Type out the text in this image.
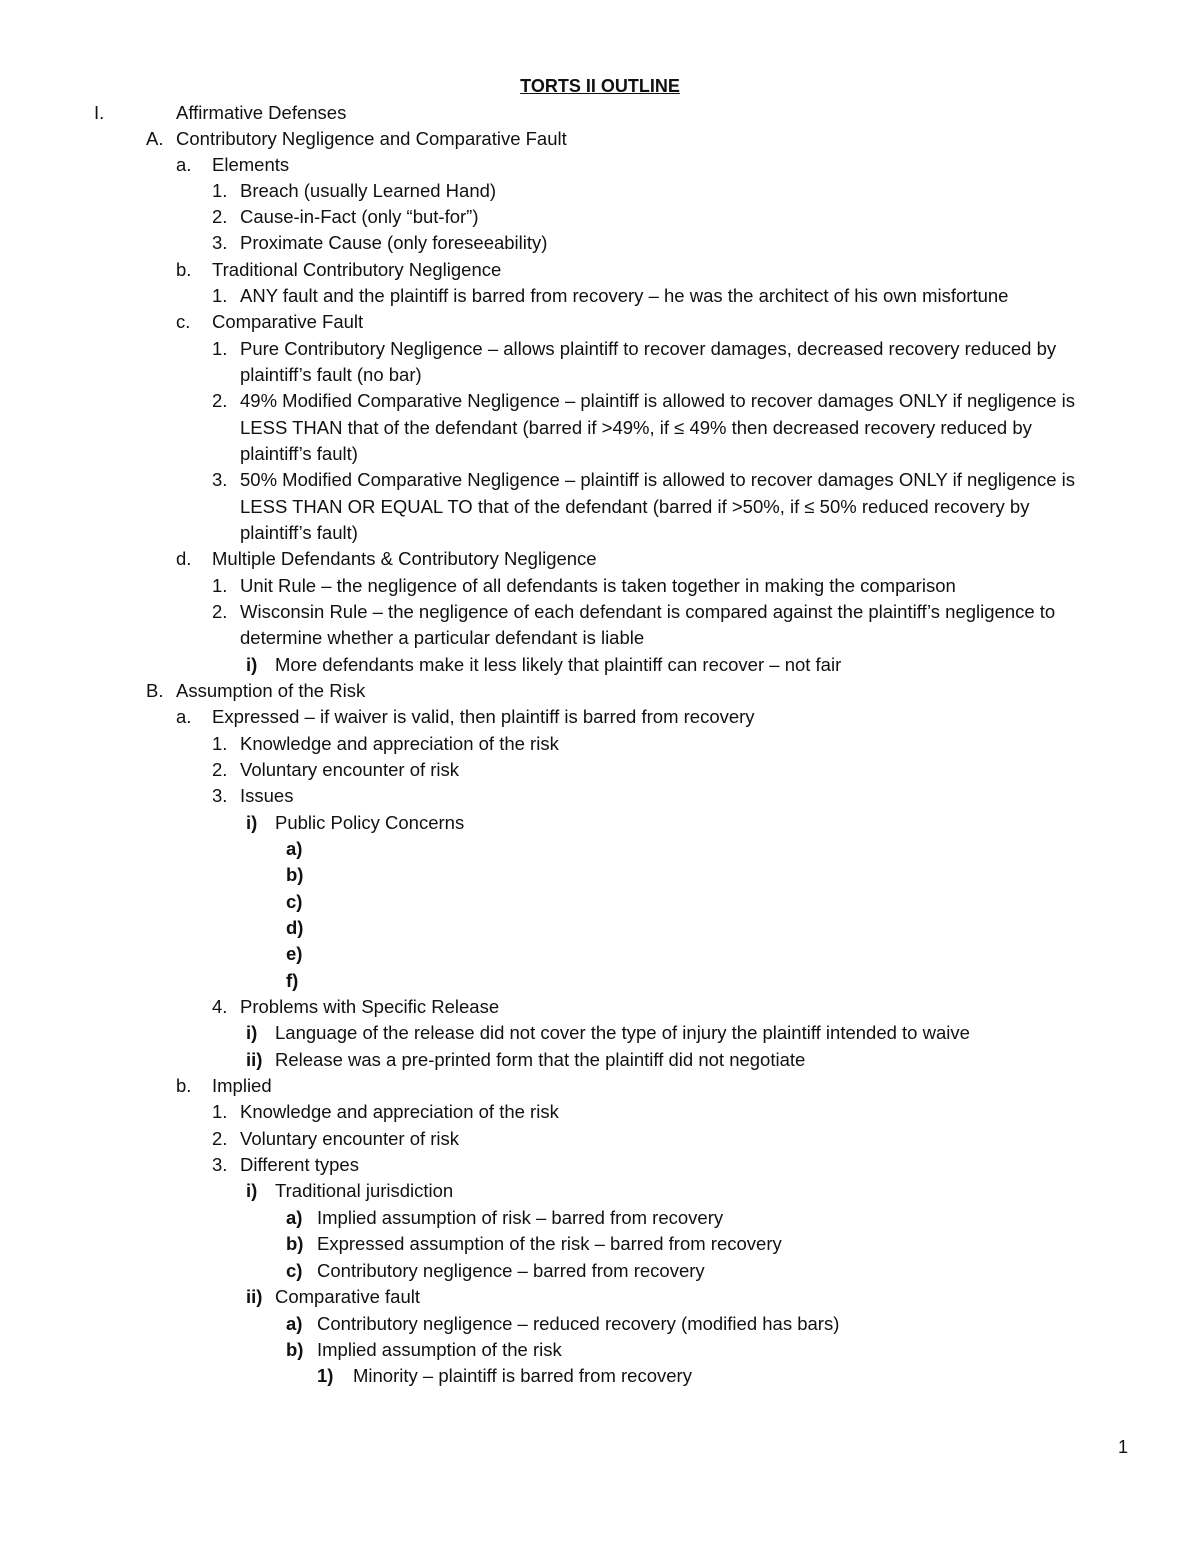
TORTS II OUTLINE
I.	Affirmative Defenses
A. Contributory Negligence and Comparative Fault
a. Elements
1. Breach (usually Learned Hand)
2. Cause-in-Fact (only “but-for”)
3. Proximate Cause (only foreseeability)
b. Traditional Contributory Negligence
1. ANY fault and the plaintiff is barred from recovery – he was the architect of his own misfortune
c. Comparative Fault
1. Pure Contributory Negligence – allows plaintiff to recover damages, decreased recovery reduced by
plaintiff’s fault (no bar)
2. 49% Modified Comparative Negligence – plaintiff is allowed to recover damages ONLY if negligence is
LESS THAN that of the defendant (barred if >49%, if ≤ 49% then decreased recovery reduced by
plaintiff’s fault)
3. 50% Modified Comparative Negligence – plaintiff is allowed to recover damages ONLY if negligence is
LESS THAN OR EQUAL TO that of the defendant (barred if >50%, if ≤ 50% reduced recovery by
plaintiff’s fault)
d. Multiple Defendants & Contributory Negligence
1. Unit Rule – the negligence of all defendants is taken together in making the comparison
2. Wisconsin Rule – the negligence of each defendant is compared against the plaintiff’s negligence to
determine whether a particular defendant is liable
i) More defendants make it less likely that plaintiff can recover – not fair
B. Assumption of the Risk
a. Expressed – if waiver is valid, then plaintiff is barred from recovery
1. Knowledge and appreciation of the risk
2. Voluntary encounter of risk
3. Issues
i) Public Policy Concerns
a)
b)
c)
d)
e)
f)
4. Problems with Specific Release
i) Language of the release did not cover the type of injury the plaintiff intended to waive
ii) Release was a pre-printed form that the plaintiff did not negotiate
b. Implied
1. Knowledge and appreciation of the risk
2. Voluntary encounter of risk
3. Different types
i) Traditional jurisdiction
a) Implied assumption of risk – barred from recovery
b) Expressed assumption of the risk – barred from recovery
c) Contributory negligence – barred from recovery
ii) Comparative fault
a) Contributory negligence – reduced recovery (modified has bars)
b) Implied assumption of the risk
1) Minority – plaintiff is barred from recovery
1
